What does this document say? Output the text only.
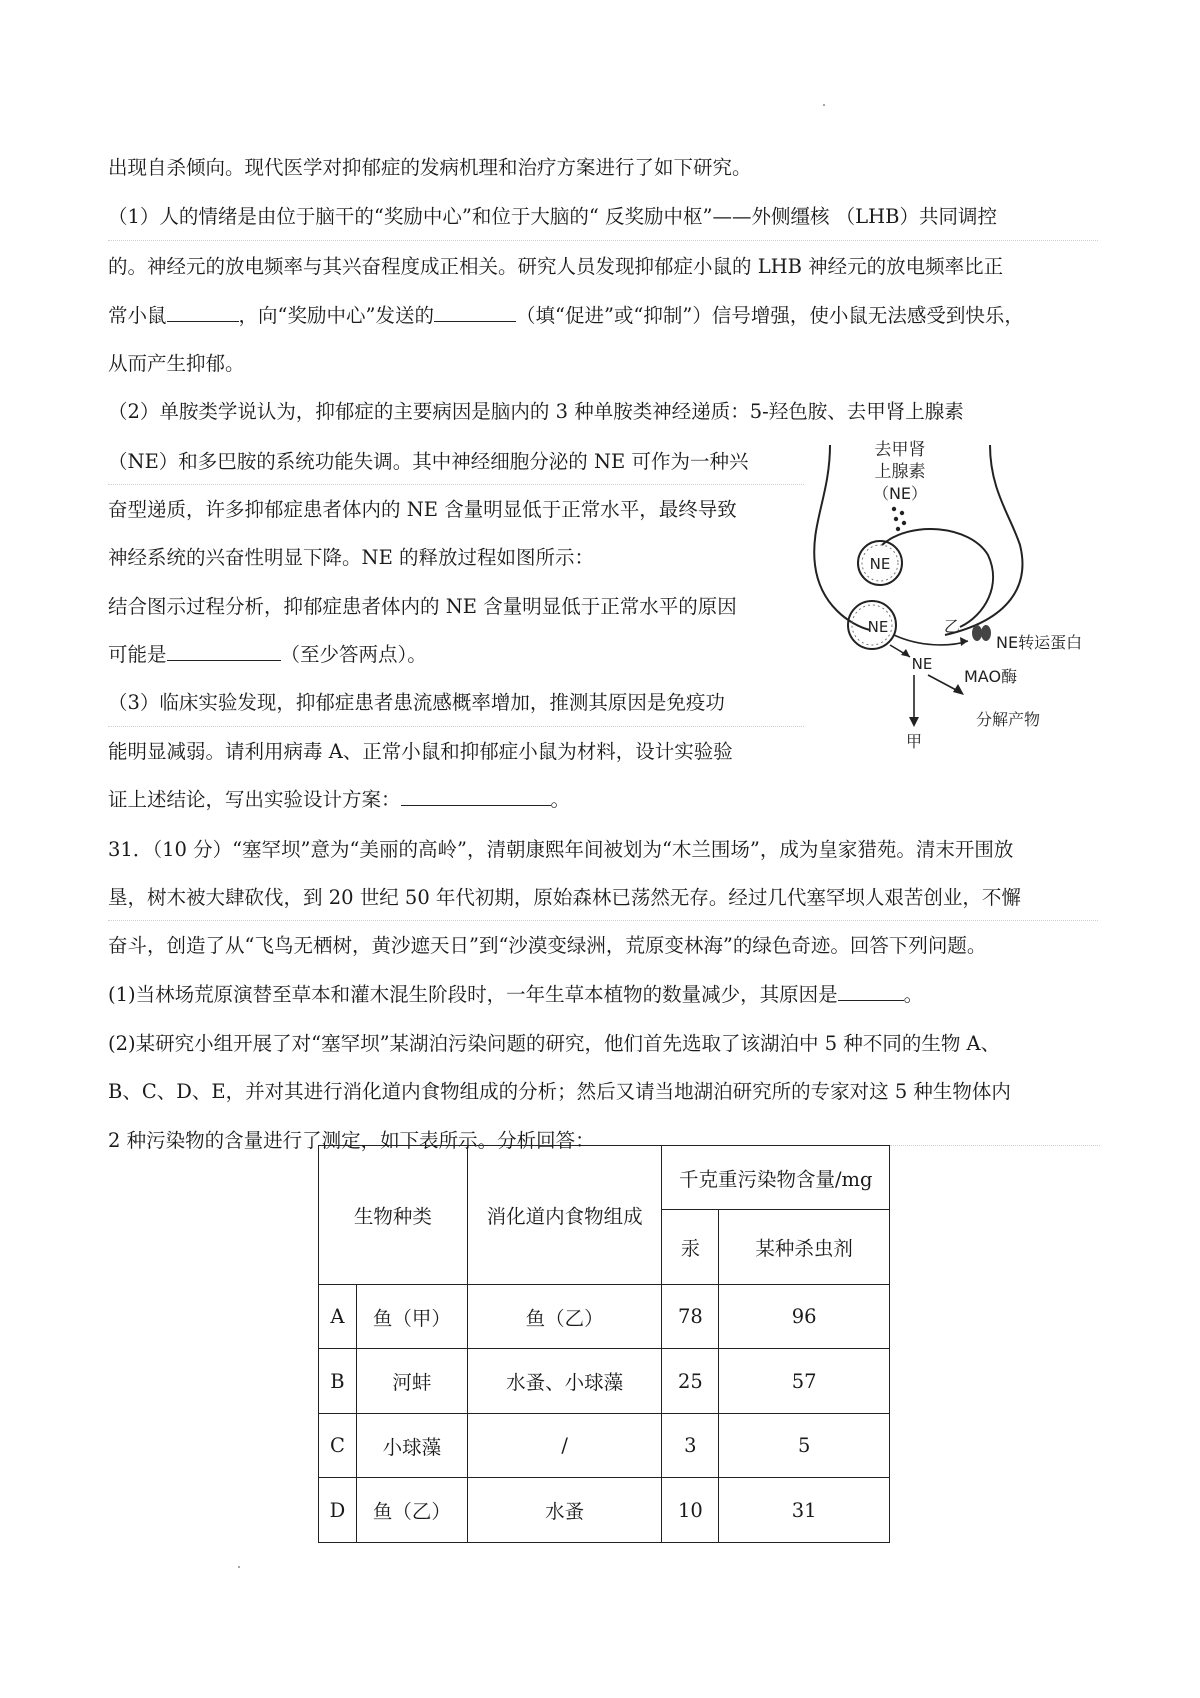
出现自杀倾向。现代医学对抑郁症的发病机理和治疗方案进行了如下研究。
（1）人的情绪是由位于脑干的“奖励中心”和位于大脑的“ 反奖励中枢”——外侧缰核 （LHB）共同调控
的。神经元的放电频率与其兴奋程度成正相关。研究人员发现抑郁症小鼠的 LHB 神经元的放电频率比正
常小鼠	，向“奖励中心”发送的	（填“促进”或“抑制”）信号增强，使小鼠无法感受到快乐，
从而产生抑郁。
（2）单胺类学说认为，抑郁症的主要病因是脑内的 3 种单胺类神经递质：5-羟色胺、去甲肾上腺素
（NE）和多巴胺的系统功能失调。其中神经细胞分泌的 NE 可作为一种兴
奋型递质，许多抑郁症患者体内的 NE 含量明显低于正常水平，最终导致
神经系统的兴奋性明显下降。NE 的释放过程如图所示：
结合图示过程分析，抑郁症患者体内的 NE 含量明显低于正常水平的原因
可能是	（至少答两点）。
（3）临床实验发现，抑郁症患者患流感概率增加，推测其原因是免疫功
能明显减弱。请利用病毒 A、正常小鼠和抑郁症小鼠为材料，设计实验验
证上述结论，写出实验设计方案：	。
去甲肾
上腺素
（NE）
NE
NE	乙
NE转运蛋白
NE
甲
MAO酶
分解产物
31．（10 分）“塞罕坝”意为“美丽的高岭”，清朝康熙年间被划为“木兰围场”，成为皇家猎苑。清末开围放
垦，树木被大肆砍伐，到 20 世纪 50 年代初期，原始森林已荡然无存。经过几代塞罕坝人艰苦创业，不懈
奋斗，创造了从“飞鸟无栖树，黄沙遮天日”到“沙漠变绿洲，荒原变林海”的绿色奇迹。回答下列问题。
(1)当林场荒原演替至草本和灌木混生阶段时，一年生草本植物的数量减少，其原因是	。
(2)某研究小组开展了对“塞罕坝”某湖泊污染问题的研究，他们首先选取了该湖泊中 5 种不同的生物 A、
B、C、D、E，并对其进行消化道内食物组成的分析；然后又请当地湖泊研究所的专家对这 5 种生物体内
2 种污染物的含量进行了测定，如下表所示。分析回答：
生物种类		消化道内食物组成	千克重污染物含量/mg	
			汞	某种杀虫剂
A	鱼（甲）	鱼（乙）	78	96
B	河蚌	水蚤、小球藻	25	57
C	小球藻	/	3	5
D	鱼（乙）	水蚤	10	31
